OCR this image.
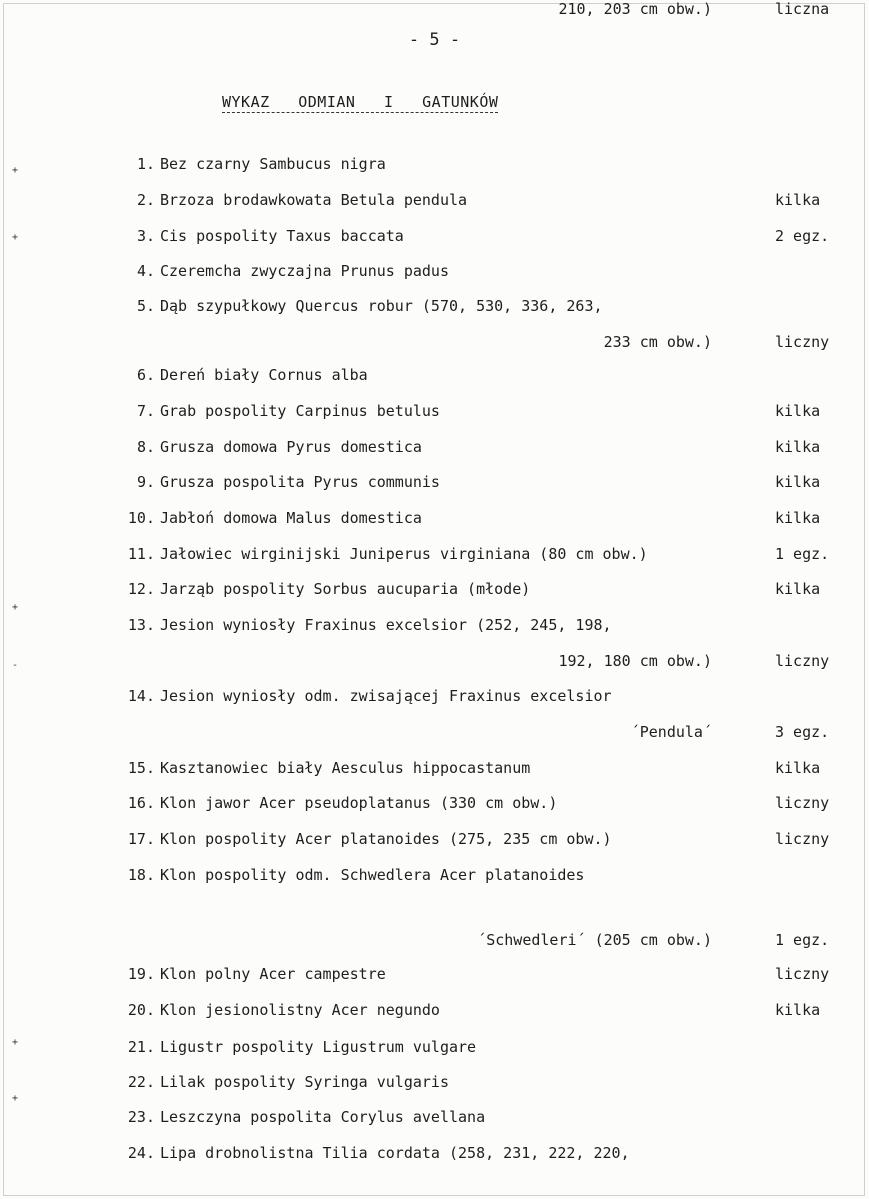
- 5 -
WYKAZ   ODMIAN   I   GATUNKÓW
+
+
+
-
+
+
1. Bez czarny Sambucus nigra
2. Brzoza brodawkowata Betula pendula	kilka
3. Cis pospolity Taxus baccata	2 egz.
4. Czeremcha zwyczajna Prunus padus
5. Dąb szypułkowy Quercus robur (570, 530, 336, 263,
233 cm obw.)	liczny
6. Dereń biały Cornus alba
7. Grab pospolity Carpinus betulus	kilka
8. Grusza domowa Pyrus domestica	kilka
9. Grusza pospolita Pyrus communis	kilka
10. Jabłoń domowa Malus domestica	kilka
11. Jałowiec wirginijski Juniperus virginiana (80 cm obw.)	1 egz.
12. Jarząb pospolity Sorbus aucuparia (młode)	kilka
13. Jesion wyniosły Fraxinus excelsior (252, 245, 198,
192, 180 cm obw.)	liczny
14. Jesion wyniosły odm. zwisającej Fraxinus excelsior
´Pendula´	3 egz.
15. Kasztanowiec biały Aesculus hippocastanum	kilka
16. Klon jawor Acer pseudoplatanus (330 cm obw.)	liczny
17. Klon pospolity Acer platanoides (275, 235 cm obw.)	liczny
18. Klon pospolity odm. Schwedlera Acer platanoides
´Schwedleri´ (205 cm obw.)	1 egz.
19. Klon polny Acer campestre	liczny
20. Klon jesionolistny Acer negundo	kilka
21. Ligustr pospolity Ligustrum vulgare
22. Lilak pospolity Syringa vulgaris
23. Leszczyna pospolita Corylus avellana
24. Lipa drobnolistna Tilia cordata (258, 231, 222, 220,
210, 203 cm obw.)	liczna
